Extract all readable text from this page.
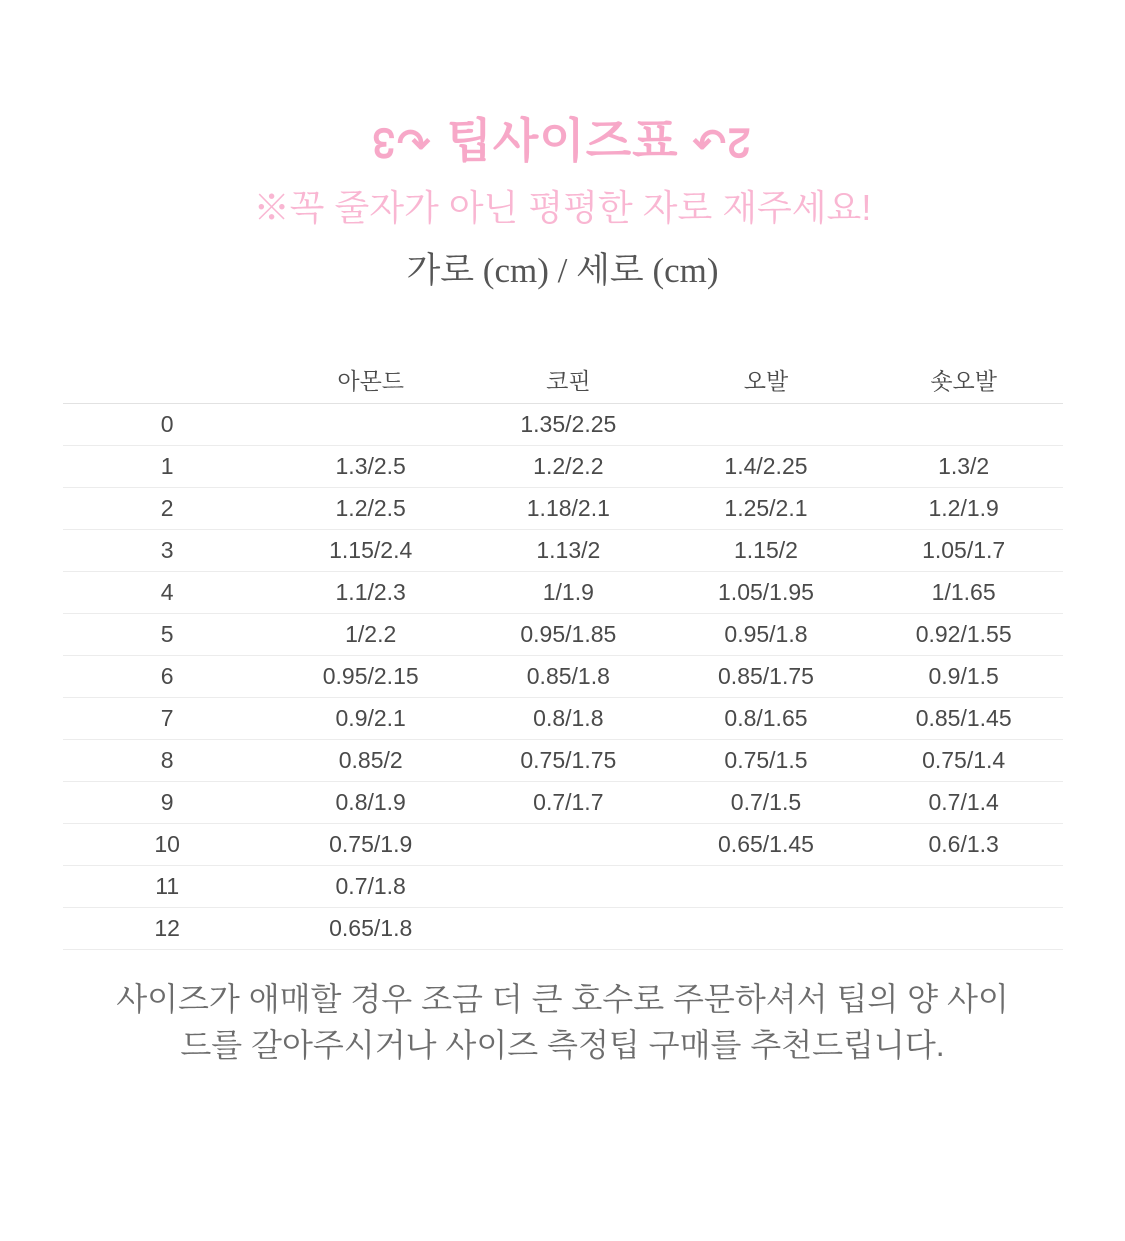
↋↷ 팁사이즈표 ↶↊

※꼭 줄자가 아닌 평평한 자로 재주세요!

가로 (cm) / 세로 (cm)

	아몬드	코핀	오발	숏오발
0		1.35/2.25		
1	1.3/2.5	1.2/2.2	1.4/2.25	1.3/2
2	1.2/2.5	1.18/2.1	1.25/2.1	1.2/1.9
3	1.15/2.4	1.13/2	1.15/2	1.05/1.7
4	1.1/2.3	1/1.9	1.05/1.95	1/1.65
5	1/2.2	0.95/1.85	0.95/1.8	0.92/1.55
6	0.95/2.15	0.85/1.8	0.85/1.75	0.9/1.5
7	0.9/2.1	0.8/1.8	0.8/1.65	0.85/1.45
8	0.85/2	0.75/1.75	0.75/1.5	0.75/1.4
9	0.8/1.9	0.7/1.7	0.7/1.5	0.7/1.4
10	0.75/1.9		0.65/1.45	0.6/1.3
11	0.7/1.8			
12	0.65/1.8			

사이즈가 애매할 경우 조금 더 큰 호수로 주문하셔서 팁의 양 사이

드를 갈아주시거나 사이즈 측정팁 구매를 추천드립니다.
